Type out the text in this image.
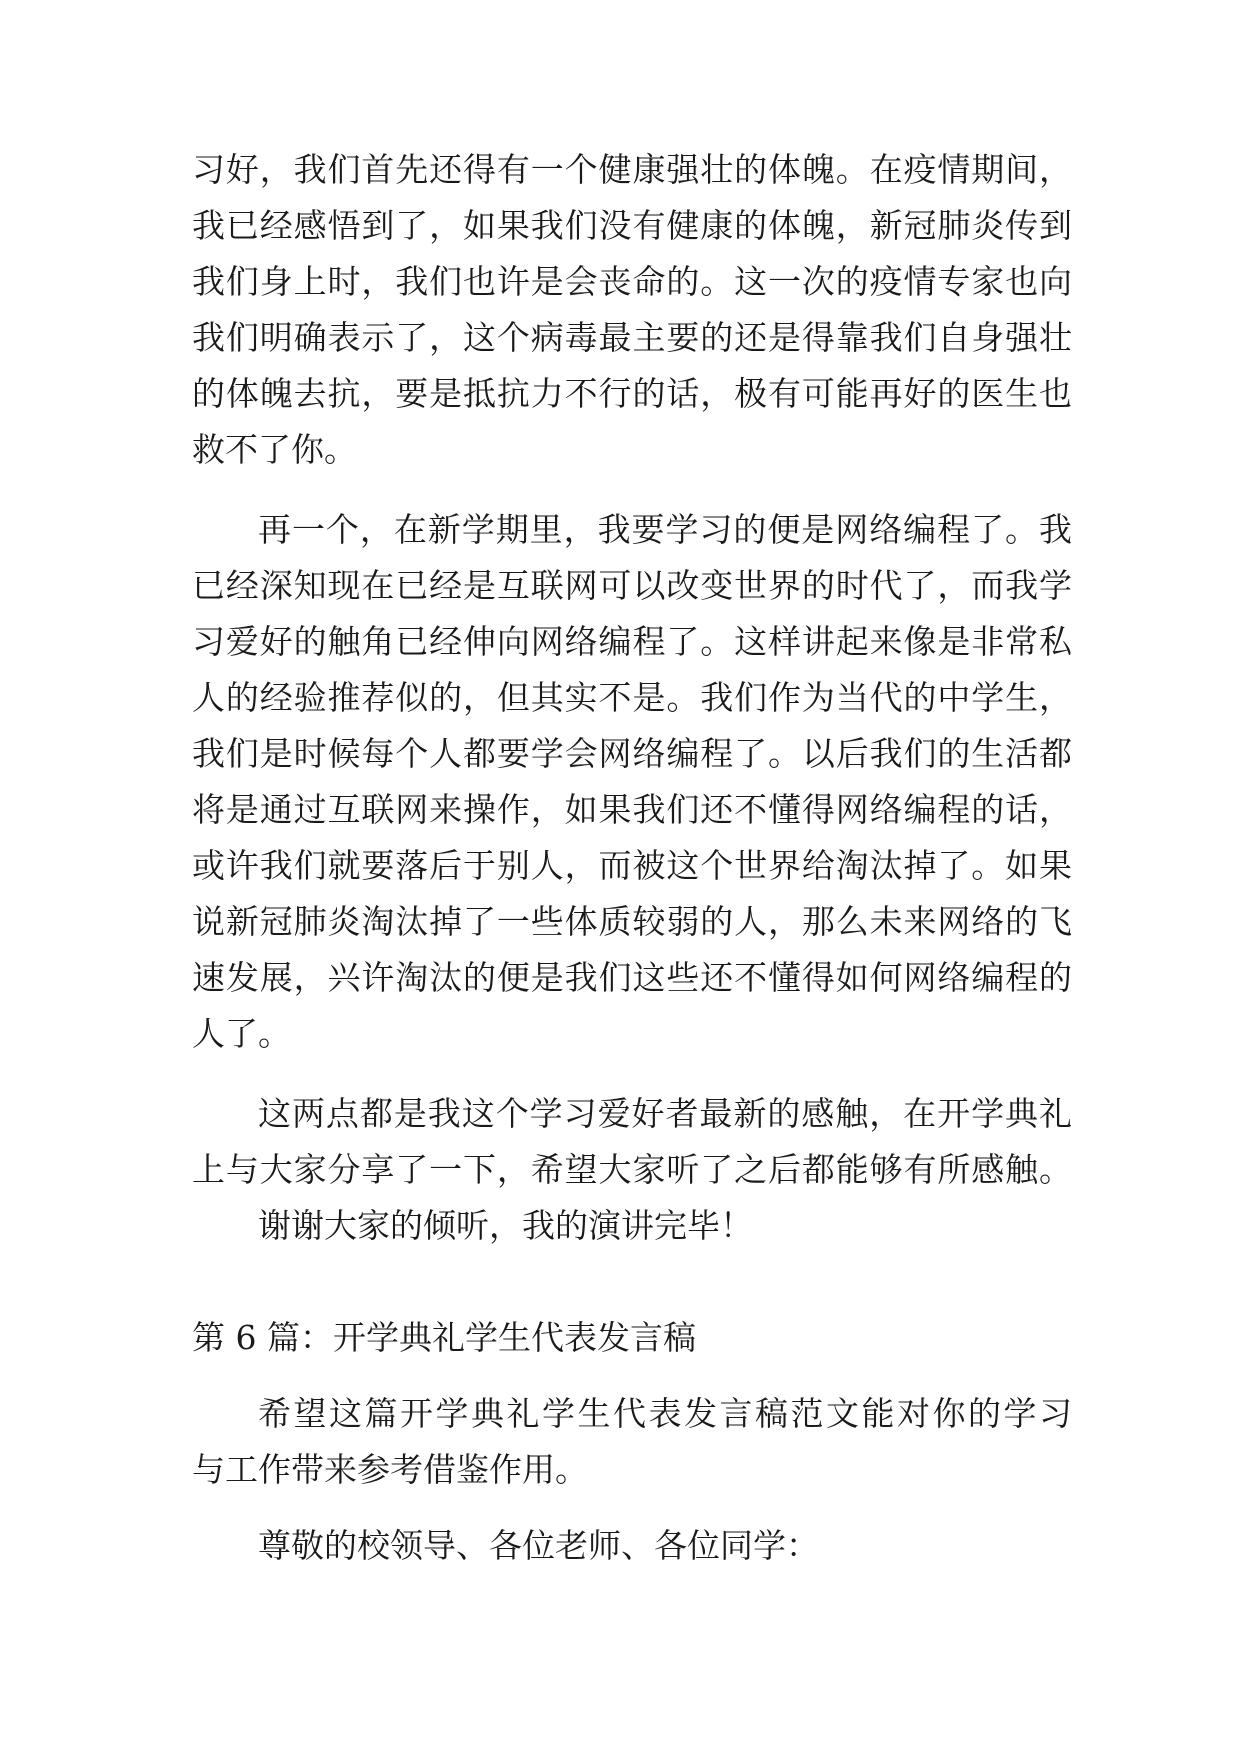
习好，我们首先还得有一个健康强壮的体魄。在疫情期间，
我已经感悟到了，如果我们没有健康的体魄，新冠肺炎传到
我们身上时，我们也许是会丧命的。这一次的疫情专家也向
我们明确表示了，这个病毒最主要的还是得靠我们自身强壮
的体魄去抗，要是抵抗力不行的话，极有可能再好的医生也
救不了你。
再一个，在新学期里，我要学习的便是网络编程了。我
已经深知现在已经是互联网可以改变世界的时代了，而我学
习爱好的触角已经伸向网络编程了。这样讲起来像是非常私
人的经验推荐似的，但其实不是。我们作为当代的中学生，
我们是时候每个人都要学会网络编程了。以后我们的生活都
将是通过互联网来操作，如果我们还不懂得网络编程的话，
或许我们就要落后于别人，而被这个世界给淘汰掉了。如果
说新冠肺炎淘汰掉了一些体质较弱的人，那么未来网络的飞
速发展，兴许淘汰的便是我们这些还不懂得如何网络编程的
人了。
这两点都是我这个学习爱好者最新的感触，在开学典礼
上与大家分享了一下，希望大家听了之后都能够有所感触。
谢谢大家的倾听，我的演讲完毕！
第 6 篇：开学典礼学生代表发言稿
希望这篇开学典礼学生代表发言稿范文能对你的学习
与工作带来参考借鉴作用。
尊敬的校领导、各位老师、各位同学：
